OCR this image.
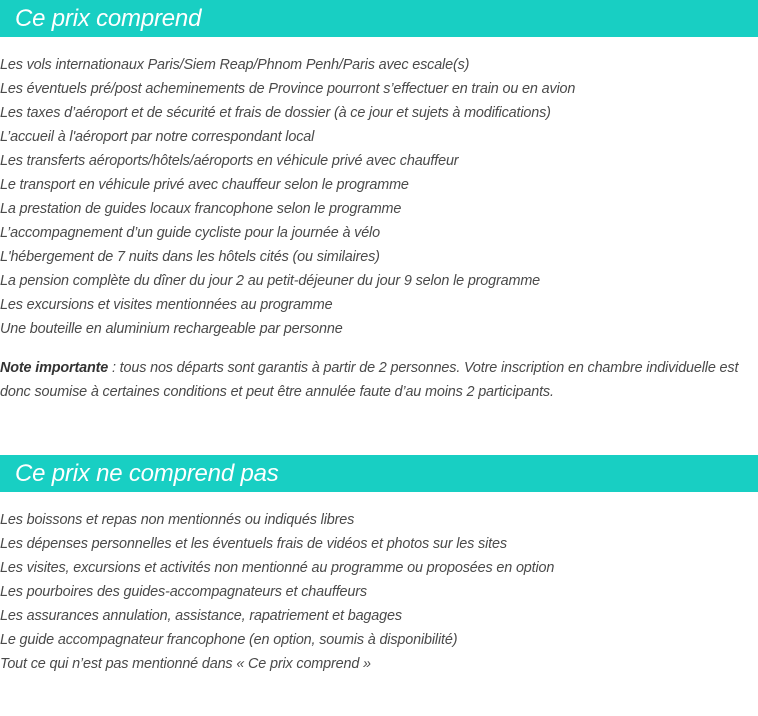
Ce prix comprend
Les vols internationaux Paris/Siem Reap/Phnom Penh/Paris avec escale(s)
Les éventuels pré/post acheminements de Province pourront s’effectuer en train ou en avion
Les taxes d’aéroport et de sécurité et frais de dossier (à ce jour et sujets à modifications)
L’accueil à l'aéroport par notre correspondant local
Les transferts aéroports/hôtels/aéroports en véhicule privé avec chauffeur
Le transport en véhicule privé avec chauffeur selon le programme
La prestation de guides locaux francophone selon le programme
L’accompagnement d’un guide cycliste pour la journée à vélo
L'hébergement de 7 nuits dans les hôtels cités (ou similaires)
La pension complète du dîner du jour 2 au petit-déjeuner du jour 9 selon le programme
Les excursions et visites mentionnées au programme
Une bouteille en aluminium rechargeable par personne

Note importante : tous nos départs sont garantis à partir de 2 personnes. Votre inscription en chambre individuelle est donc soumise à certaines conditions et peut être annulée faute d’au moins 2 participants.

Ce prix ne comprend pas
Les boissons et repas non mentionnés ou indiqués libres
Les dépenses personnelles et les éventuels frais de vidéos et photos sur les sites
Les visites, excursions et activités non mentionné au programme ou proposées en option
Les pourboires des guides-accompagnateurs et chauffeurs
Les assurances annulation, assistance, rapatriement et bagages
Le guide accompagnateur francophone (en option, soumis à disponibilité)
Tout ce qui n’est pas mentionné dans « Ce prix comprend »
